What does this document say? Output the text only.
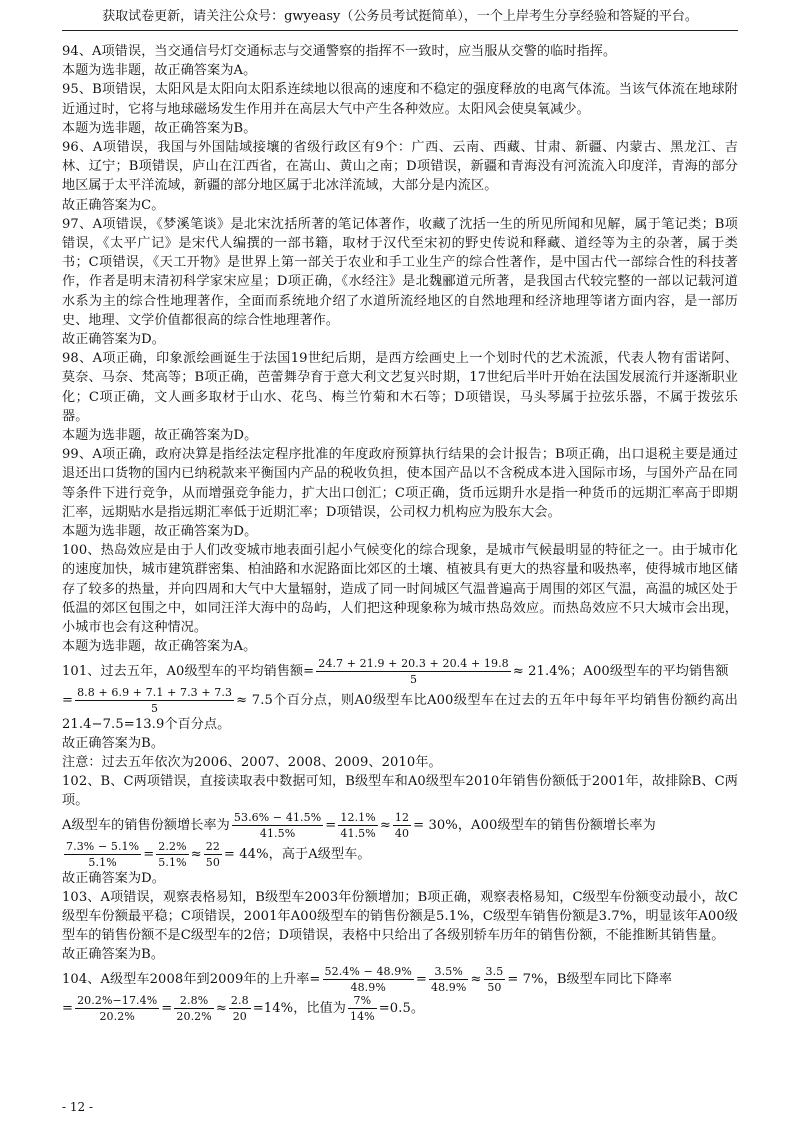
获取试卷更新，请关注公众号：gwyeasy（公务员考试挺简单），一个上岸考生分享经验和答疑的平台。

94、A项错误，当交通信号灯交通标志与交通警察的指挥不一致时，应当服从交警的临时指挥。

本题为选非题，故正确答案为A。

95、B项错误，太阳风是太阳向太阳系连续地以很高的速度和不稳定的强度释放的电离气体流。当该气体流在地球附近通过时，它将与地球磁场发生作用并在高层大气中产生各种效应。太阳风会使臭氧减少。

本题为选非题，故正确答案为B。

96、A项错误，我国与外国陆域接壤的省级行政区有9个：广西、云南、西藏、甘肃、新疆、内蒙古、黑龙江、吉林、辽宁；B项错误，庐山在江西省，在嵩山、黄山之南；D项错误，新疆和青海没有河流流入印度洋，青海的部分地区属于太平洋流域，新疆的部分地区属于北冰洋流域，大部分是内流区。

故正确答案为C。

97、A项错误，《梦溪笔谈》是北宋沈括所著的笔记体著作，收藏了沈括一生的所见所闻和见解，属于笔记类；B项错误，《太平广记》是宋代人编撰的一部书籍，取材于汉代至宋初的野史传说和释藏、道经等为主的杂著，属于类书；C项错误，《天工开物》是世界上第一部关于农业和手工业生产的综合性著作，是中国古代一部综合性的科技著作，作者是明末清初科学家宋应星；D项正确，《水经注》是北魏郦道元所著，是我国古代较完整的一部以记载河道水系为主的综合性地理著作，全面而系统地介绍了水道所流经地区的自然地理和经济地理等诸方面内容，是一部历史、地理、文学价值都很高的综合性地理著作。

故正确答案为D。

98、A项正确，印象派绘画诞生于法国19世纪后期，是西方绘画史上一个划时代的艺术流派，代表人物有雷诺阿、莫奈、马奈、梵高等；B项正确，芭蕾舞孕育于意大利文艺复兴时期，17世纪后半叶开始在法国发展流行并逐渐职业化；C项正确，文人画多取材于山水、花鸟、梅兰竹菊和木石等；D项错误，马头琴属于拉弦乐器，不属于拨弦乐器。

本题为选非题，故正确答案为D。

99、A项正确，政府决算是指经法定程序批准的年度政府预算执行结果的会计报告；B项正确，出口退税主要是通过退还出口货物的国内已纳税款来平衡国内产品的税收负担，使本国产品以不含税成本进入国际市场，与国外产品在同等条件下进行竞争，从而增强竞争能力，扩大出口创汇；C项正确，货币远期升水是指一种货币的远期汇率高于即期汇率，远期贴水是指远期汇率低于近期汇率；D项错误，公司权力机构应为股东大会。

本题为选非题，故正确答案为D。

100、热岛效应是由于人们改变城市地表面引起小气候变化的综合现象，是城市气候最明显的特征之一。由于城市化的速度加快，城市建筑群密集、柏油路和水泥路面比郊区的土壤、植被具有更大的热容量和吸热率，使得城市地区储存了较多的热量，并向四周和大气中大量辐射，造成了同一时间城区气温普遍高于周围的郊区气温，高温的城区处于低温的郊区包围之中，如同汪洋大海中的岛屿，人们把这种现象称为城市热岛效应。而热岛效应不只大城市会出现，小城市也会有这种情况。

本题为选非题，故正确答案为A。

101、过去五年，A0级型车的平均销售额= $\frac{24.7 + 21.9 + 20.3 + 20.4 + 19.8}{5} \approx 21.4\%$；A00级型车的平均销售额

= $\frac{8.8 + 6.9 + 7.1 + 7.3 + 7.3}{5} \approx 7.5$个百分点，则A0级型车比A00级型车在过去的五年中每年平均销售份额约高出21.4−7.5=13.9个百分点。

故正确答案为B。

注意：过去五年依次为2006、2007、2008、2009、2010年。

102、B、C两项错误，直接读取表中数据可知，B级型车和A0级型车2010年销售份额低于2001年，故排除B、C两项。

A级型车的销售份额增长率为 $\frac{53.6\% - 41.5\%}{41.5\%} = \frac{12.1\%}{41.5\%} \approx \frac{12}{40} = 30\%$，A00级型车的销售份额增长率为

$\frac{7.3\% - 5.1\%}{5.1\%} = \frac{2.2\%}{5.1\%} \approx \frac{22}{50} = 44\%$，高于A级型车。

故正确答案为D。

103、A项错误，观察表格易知，B级型车2003年份额增加；B项正确，观察表格易知，C级型车份额变动最小，故C级型车份额最平稳；C项错误，2001年A00级型车的销售份额是5.1%，C级型车销售份额是3.7%，明显该年A00级型车的销售份额不是C级型车的2倍；D项错误，表格中只给出了各级别轿车历年的销售份额，不能推断其销售量。

故正确答案为B。

104、A级型车2008年到2009年的上升率= $\frac{52.4\% - 48.9\%}{48.9\%} = \frac{3.5\%}{48.9\%} \approx \frac{3.5}{50} = 7\%$，B级型车同比下降率

= $\frac{20.2\%-17.4\%}{20.2\%} = \frac{2.8\%}{20.2\%} \approx \frac{2.8}{20} =14\%$，比值为 $\frac{7\%}{14\%} =0.5$。

- 12 -
